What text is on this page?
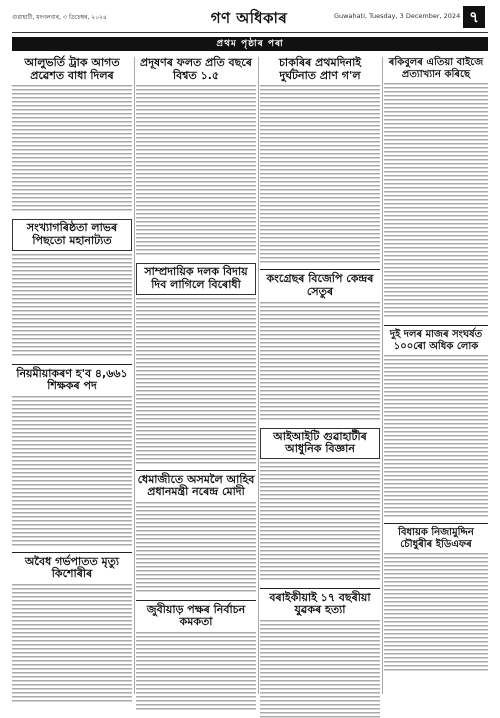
গুৱাহাটী, মংগলবাৰ, ৩ ডিচেম্বৰ, ২০২৪	গণ অধিকাৰ	Guwahati, Tuesday, 3 December, 2024 ৭
প্ৰথম পৃষ্ঠাৰ পৰা
আলুভৰ্তি ট্ৰাক আগত প্ৰৱেশত বাধা দিলৰ
সংখ্যাগৰিষ্ঠতা লাভৰ পিছতো মহানাট্যত
নিয়মীয়াকৰণ হ'ব ৪,৬৬১ শিক্ষকৰ পদ
অবৈধ গৰ্ভপাতত মৃত্যু কিশোৰীৰ
প্ৰদূষণৰ ফলত প্ৰতি বছৰে বিশ্বত ১.৫
সাম্প্ৰদায়িক দলক বিদায় দিব লাগিলে বিৰোধী
ধেমাজীতে অসমলৈ আহিব প্ৰধানমন্ত্ৰী নৰেন্দ্ৰ মোদী
জুবীয়াড় পক্ষৰ নিৰ্বাচন কমকতা
চাকৰিৰ প্ৰথমদিনাই দুৰ্ঘটনাত প্ৰাণ গ'ল
কংগ্ৰেছৰ বিজেপি কেন্দ্ৰৰ সেতুৰ
আইআইটি গুৱাহাটীৰ আধুনিক বিজ্ঞান
বৰাইকীয়াই ১৭ বছৰীয়া যুৱকৰ হত্যা
ৰকিবুলৰ এতিয়া বাইজে প্ৰত্যাখ্যান কৰিছে
দুই দলৰ মাজৰ সংঘৰ্ষত ১০০ৰো অধিক লোক
বিধায়ক নিজামুদ্দিন চৌধুৰীৰ ইডিএফৰ
